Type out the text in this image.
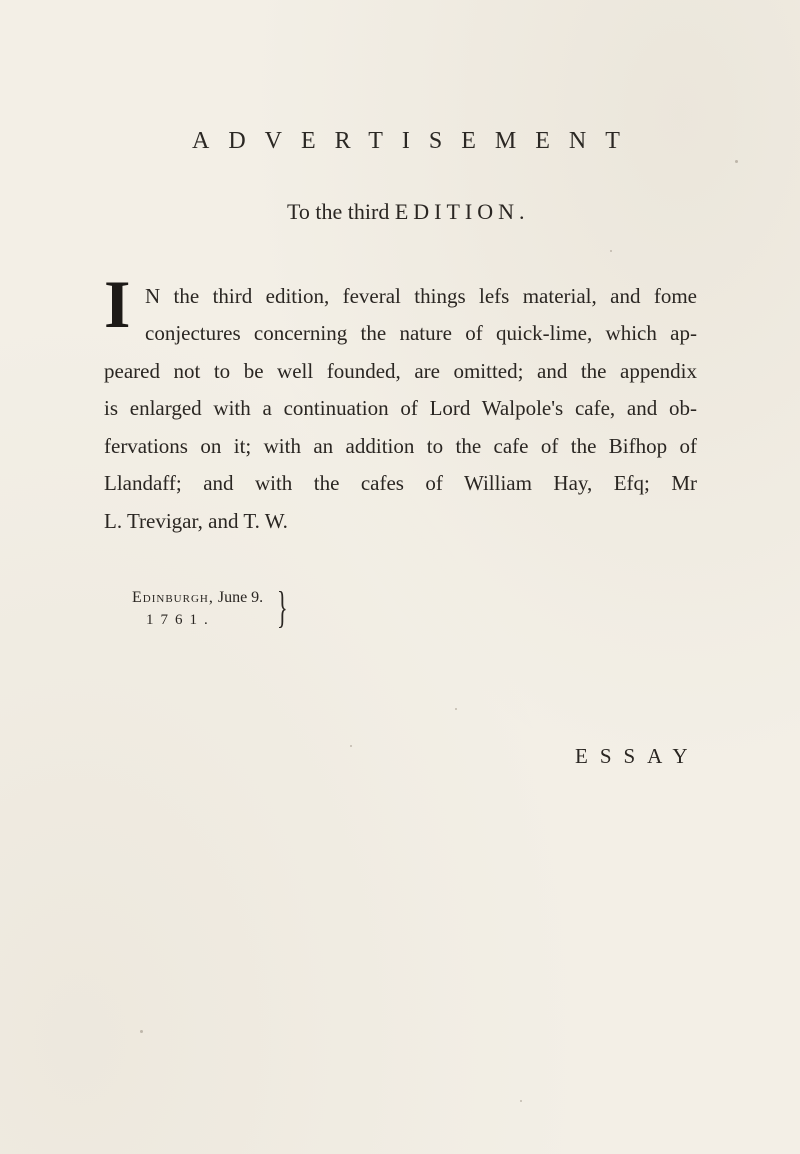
ADVERTISEMENT
To the third EDITION.
I N the third edition, feveral things lefs material, and fome
conjectures concerning the nature of quick-lime, which ap-
peared not to be well founded, are omitted; and the appendix
is enlarged with a continuation of Lord Walpole's cafe, and ob-
fervations on it; with an addition to the cafe of the Bifhop of
Llandaff; and with the cafes of William Hay, Efq; Mr
L. Trevigar, and T. W.
Edinburgh, June 9.
1761. }
ESSAY
